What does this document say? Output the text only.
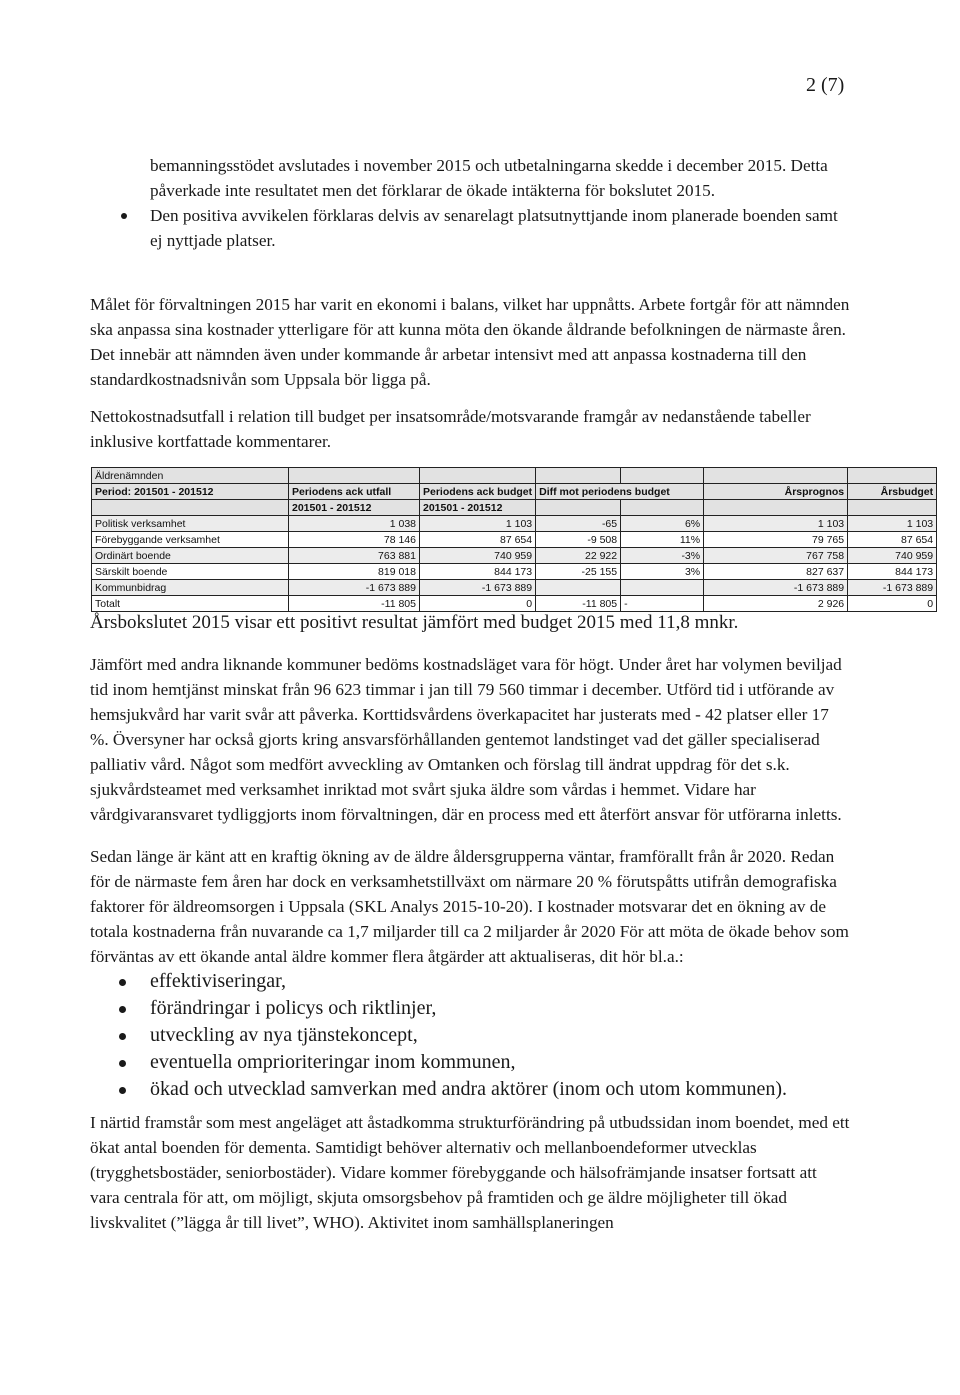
2 (7)

bemanningsstödet avslutades i november 2015 och utbetalningarna skedde i december 2015. Detta påverkade inte resultatet men det förklarar de ökade intäkterna för bokslutet 2015.

Den positiva avvikelen förklaras delvis av senarelagt platsutnyttjande inom planerade boenden samt ej nyttjade platser.

Målet för förvaltningen 2015 har varit en ekonomi i balans, vilket har uppnåtts. Arbete fortgår för att nämnden ska anpassa sina kostnader ytterligare för att kunna möta den ökande åldrande befolkningen de närmaste åren. Det innebär att nämnden även under kommande år arbetar intensivt med att anpassa kostnaderna till den standardkostnadsnivån som Uppsala bör ligga på.

Nettokostnadsutfall i relation till budget per insatsområde/motsvarande framgår av nedanstående tabeller inklusive kortfattade kommentarer.

Äldrenämnden						
Period: 201501 - 201512	Periodens ack utfall	Periodens ack budget	Diff mot periodens budget		Årsprognos	Årsbudget
	201501 - 201512	201501 - 201512				
Politisk verksamhet	1 038	1 103	-65	6%	1 103	1 103
Förebyggande verksamhet	78 146	87 654	-9 508	11%	79 765	87 654
Ordinärt boende	763 881	740 959	22 922	-3%	767 758	740 959
Särskilt boende	819 018	844 173	-25 155	3%	827 637	844 173
Kommunbidrag	-1 673 889	-1 673 889			-1 673 889	-1 673 889
Totalt	-11 805	0	-11 805	-	2 926	0

Årsbokslutet 2015 visar ett positivt resultat jämfört med budget 2015 med 11,8 mnkr.

Jämfört med andra liknande kommuner bedöms kostnadsläget vara för högt. Under året har volymen beviljad tid inom hemtjänst minskat från 96 623 timmar i jan till 79 560 timmar i december. Utförd tid i utförande av hemsjukvård har varit svår att påverka. Korttidsvårdens överkapacitet har justerats med - 42 platser eller 17 %. Översyner har också gjorts kring ansvarsförhållanden gentemot landstinget vad det gäller specialiserad palliativ vård. Något som medfört avveckling av Omtanken och förslag till ändrat uppdrag för det s.k. sjukvårdsteamet med verksamhet inriktad mot svårt sjuka äldre som vårdas i hemmet. Vidare har vårdgivaransvaret tydliggjorts inom förvaltningen, där en process med ett återfört ansvar för utförarna inletts.

Sedan länge är känt att en kraftig ökning av de äldre åldersgrupperna väntar, framförallt från år 2020. Redan för de närmaste fem åren har dock en verksamhetstillväxt om närmare 20 % förutspåtts utifrån demografiska faktorer för äldreomsorgen i Uppsala (SKL Analys 2015-10-20). I kostnader motsvarar det en ökning av de totala kostnaderna från nuvarande ca 1,7 miljarder till ca 2 miljarder år 2020 För att möta de ökade behov som förväntas av ett ökande antal äldre kommer flera åtgärder att aktualiseras, dit hör bl.a.:

effektiviseringar,
förändringar i policys och riktlinjer,
utveckling av nya tjänstekoncept,
eventuella omprioriteringar inom kommunen,
ökad och utvecklad samverkan med andra aktörer (inom och utom kommunen).

I närtid framstår som mest angeläget att åstadkomma strukturförändring på utbudssidan inom boendet, med ett ökat antal boenden för dementa. Samtidigt behöver alternativ och mellanboendeformer utvecklas (trygghetsbostäder, seniorbostäder). Vidare kommer förebyggande och hälsofrämjande insatser fortsatt att vara centrala för att, om möjligt, skjuta omsorgsbehov på framtiden och ge äldre möjligheter till ökad livskvalitet (”lägga år till livet”, WHO). Aktivitet inom samhällsplaneringen
